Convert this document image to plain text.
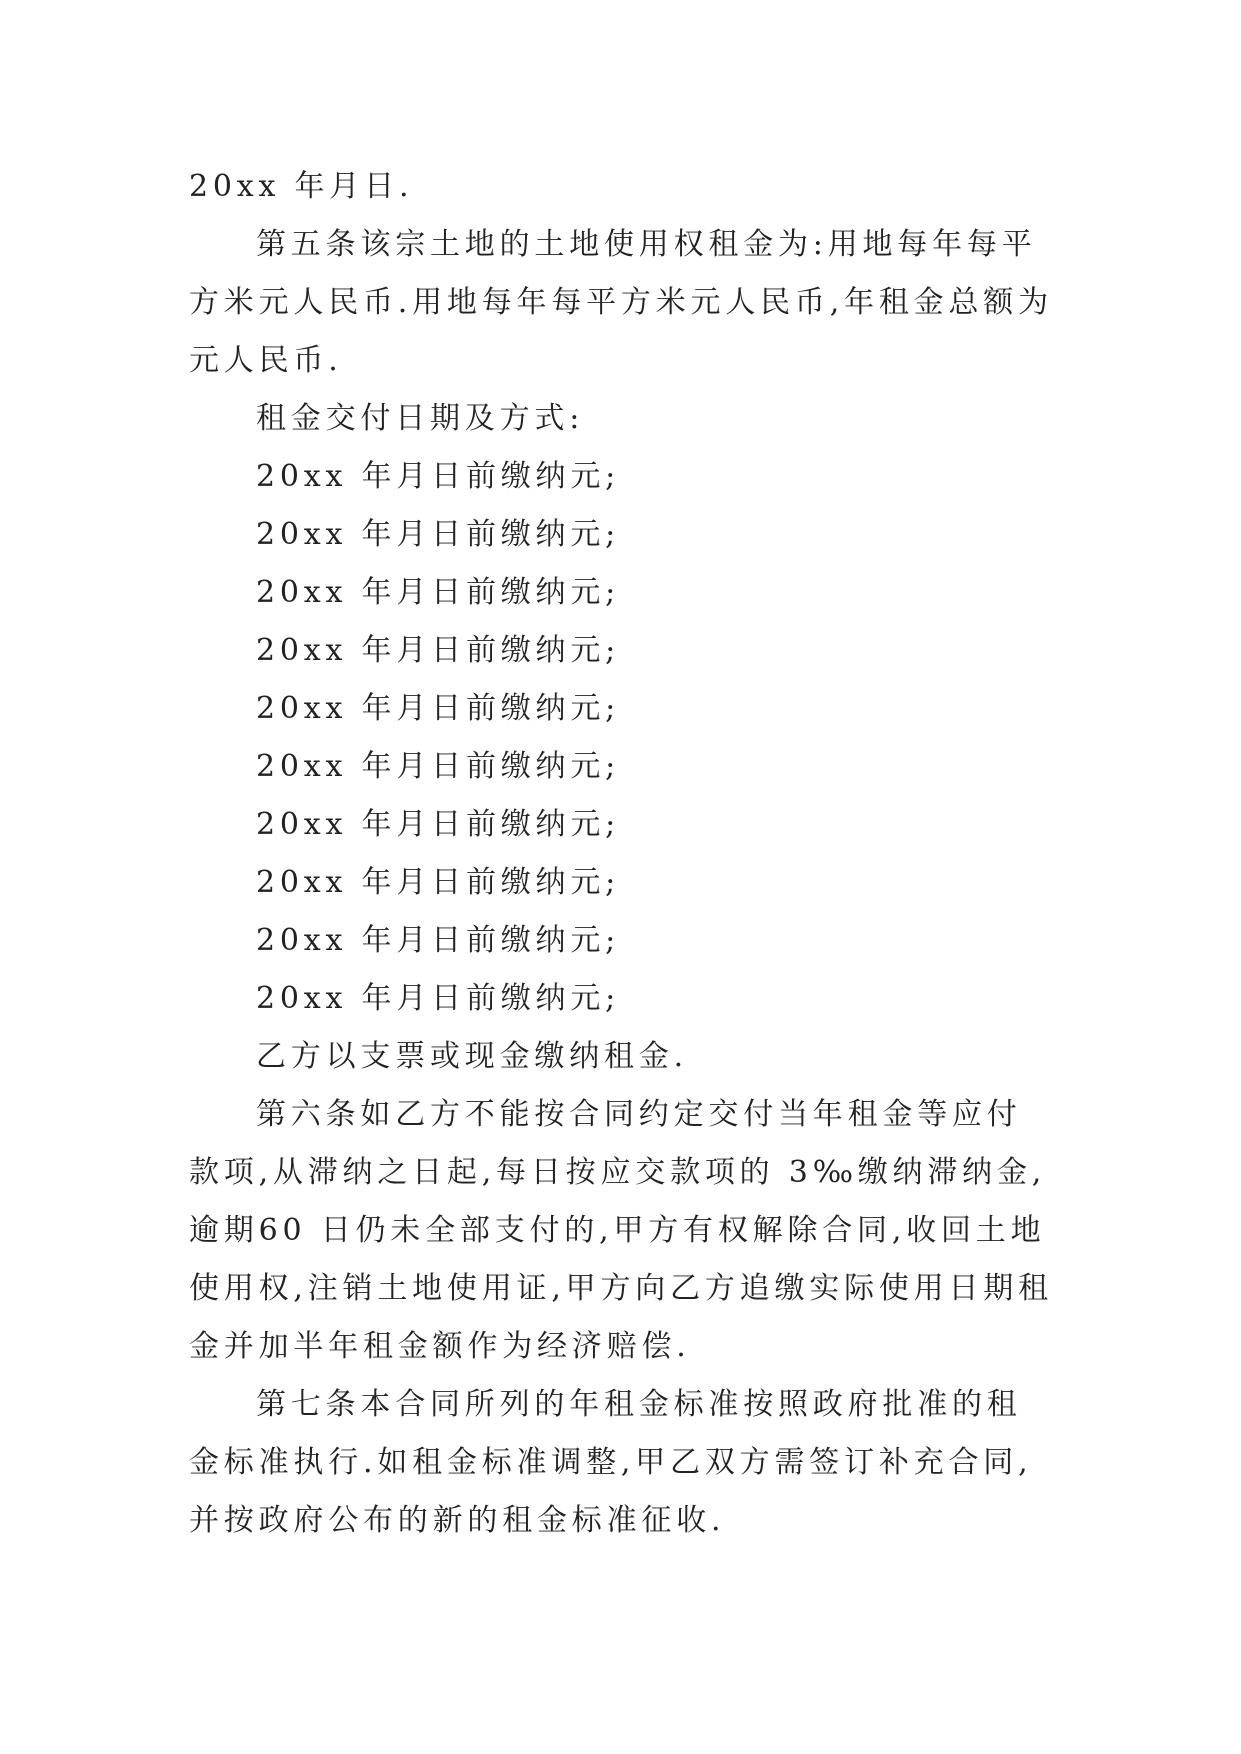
20xx 年月日.

第五条该宗土地的土地使用权租金为:用地每年每平方米元人民币.用地每年每平方米元人民币,年租金总额为元人民币.

租金交付日期及方式:

20xx 年月日前缴纳元;

20xx 年月日前缴纳元;

20xx 年月日前缴纳元;

20xx 年月日前缴纳元;

20xx 年月日前缴纳元;

20xx 年月日前缴纳元;

20xx 年月日前缴纳元;

20xx 年月日前缴纳元;

20xx 年月日前缴纳元;

20xx 年月日前缴纳元;

乙方以支票或现金缴纳租金.

第六条如乙方不能按合同约定交付当年租金等应付款项,从滞纳之日起,每日按应交款项的 3‰缴纳滞纳金,逾期60 日仍未全部支付的,甲方有权解除合同,收回土地使用权,注销土地使用证,甲方向乙方追缴实际使用日期租金并加半年租金额作为经济赔偿.

第七条本合同所列的年租金标准按照政府批准的租金标准执行.如租金标准调整,甲乙双方需签订补充合同,并按政府公布的新的租金标准征收.
